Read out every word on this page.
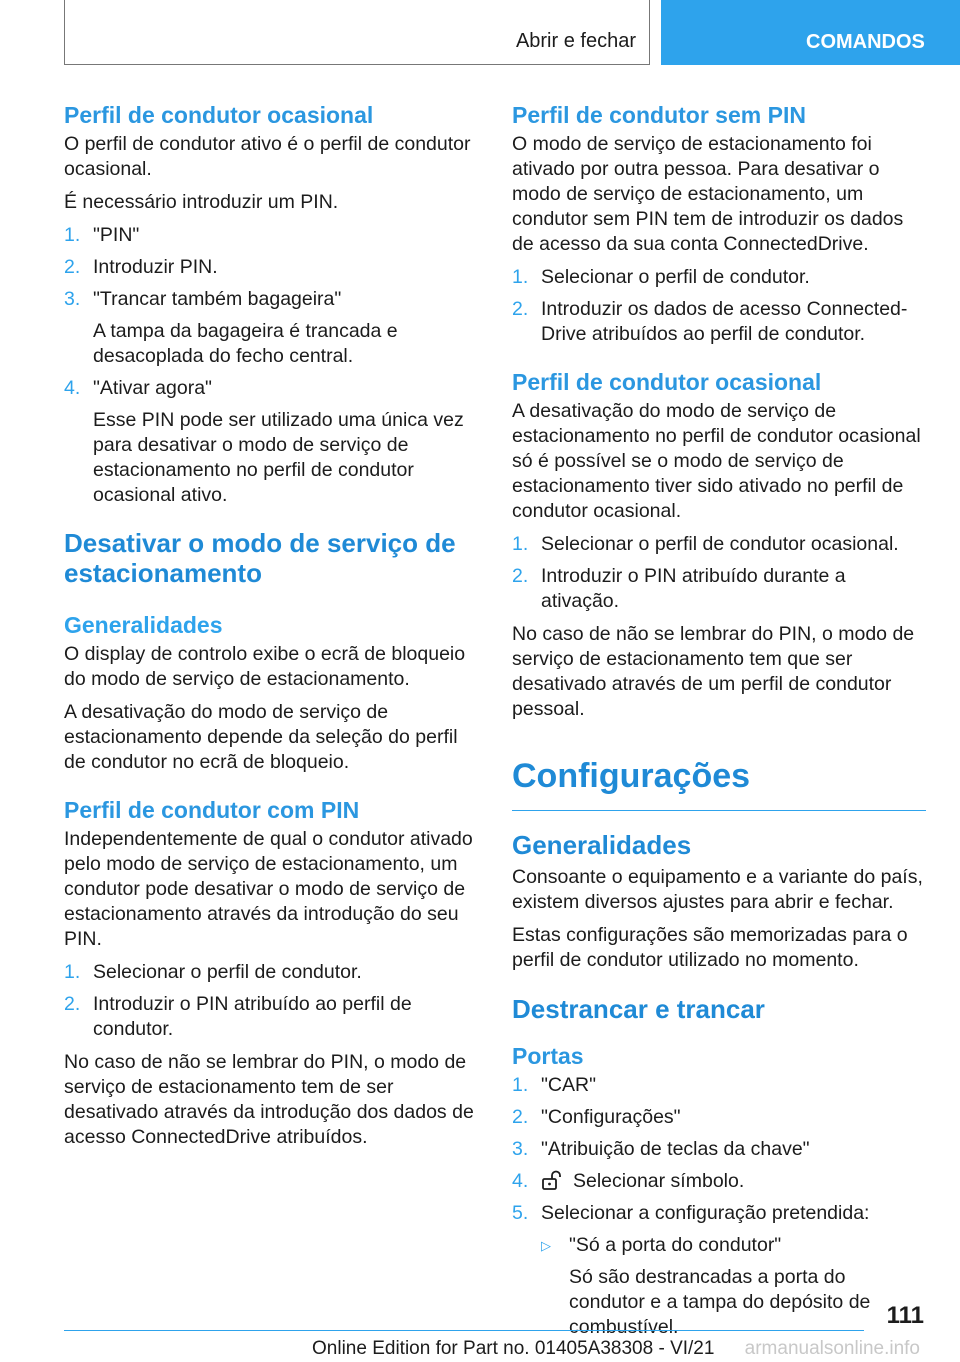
Abrir e fechar	COMANDOS
Perfil de condutor ocasional

O perfil de condutor ativo é o perfil de condutor ocasional.

É necessário introduzir um PIN.

1. "PIN"
2. Introduzir PIN.
3. "Trancar também bagageira"
A tampa da bagageira é trancada e desacoplada do fecho central.
4. "Ativar agora"
Esse PIN pode ser utilizado uma única vez para desativar o modo de serviço de estacionamento no perfil de condutor ocasional ativo.
Desativar o modo de serviço de estacionamento
Generalidades

O display de controlo exibe o ecrã de bloqueio do modo de serviço de estacionamento.

A desativação do modo de serviço de estacionamento depende da seleção do perfil de condutor no ecrã de bloqueio.

Perfil de condutor com PIN

Independentemente de qual o condutor ativado pelo modo de serviço de estacionamento, um condutor pode desativar o modo de serviço de estacionamento através da introdução do seu PIN.

1. Selecionar o perfil de condutor.
2. Introduzir o PIN atribuído ao perfil de condutor.

No caso de não se lembrar do PIN, o modo de serviço de estacionamento tem de ser desativado através da introdução dos dados de acesso ConnectedDrive atribuídos.

Perfil de condutor sem PIN

O modo de serviço de estacionamento foi ativado por outra pessoa. Para desativar o modo de serviço de estacionamento, um condutor sem PIN tem de introduzir os dados de acesso da sua conta ConnectedDrive.

1. Selecionar o perfil de condutor.
2. Introduzir os dados de acesso ConnectedDrive atribuídos ao perfil de condutor.
Perfil de condutor ocasional

A desativação do modo de serviço de estacionamento no perfil de condutor ocasional só é possível se o modo de serviço de estacionamento tiver sido ativado no perfil de condutor ocasional.

1. Selecionar o perfil de condutor ocasional.
2. Introduzir o PIN atribuído durante a ativação.

No caso de não se lembrar do PIN, o modo de serviço de estacionamento tem que ser desativado através de um perfil de condutor pessoal.

Configurações
Generalidades

Consoante o equipamento e a variante do país, existem diversos ajustes para abrir e fechar.

Estas configurações são memorizadas para o perfil de condutor utilizado no momento.

Destrancar e trancar
Portas
1. "CAR"
2. "Configurações"
3. "Atribuição de teclas da chave"
4. Selecionar símbolo.
5. Selecionar a configuração pretendida:
▷ "Só a porta do condutor"
Só são destrancadas a porta do condutor e a tampa do depósito de combustível.	111
Online Edition for Part no. 01405A38308 - VI/21 armanualsonline.info
